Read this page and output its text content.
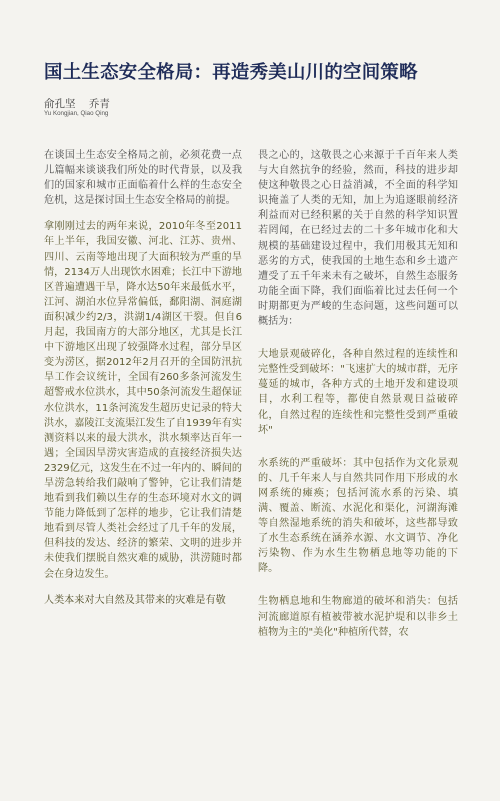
国土生态安全格局：再造秀美山川的空间策略
俞孔坚    乔青
Yu Kongjian, Qiao Qing

在谈国土生态安全格局之前，必须花费一点儿篇幅来谈谈我们所处的时代背景，以及我们的国家和城市正面临着什么样的生态安全危机，这是探讨国土生态安全格局的前提。

拿刚刚过去的两年来说，2010年冬至2011年上半年，我国安徽、河北、江苏、贵州、四川、云南等地出现了大面积较为严重的旱情，2134万人出现饮水困难；长江中下游地区普遍遭遇干旱，降水达50年来最低水平，江河、湖泊水位异常偏低，鄱阳湖、洞庭湖面积减少约2/3，洪湖1/4湖区干裂。但自6月起，我国南方的大部分地区，尤其是长江中下游地区出现了较强降水过程，部分旱区变为涝区，据2012年2月召开的全国防汛抗旱工作会议统计，全国有260多条河流发生超警戒水位洪水，其中50条河流发生超保证水位洪水，11条河流发生超历史记录的特大洪水，嘉陵江支流渠江发生了自1939年有实测资料以来的最大洪水，洪水频率达百年一遇；全国因旱涝灾害造成的直接经济损失达2329亿元，这发生在不过一年内的、瞬间的旱涝急转给我们敲响了警钟，它让我们清楚地看到我们赖以生存的生态环境对水文的调节能力降低到了怎样的地步，它让我们清楚地看到尽管人类社会经过了几千年的发展，但科技的发达、经济的繁荣、文明的进步并未使我们摆脱自然灾难的威胁，洪涝随时都会在身边发生。

人类本来对大自然及其带来的灾难是有敬

畏之心的，这敬畏之心来源于千百年来人类与大自然抗争的经验，然而，科技的进步却使这种敬畏之心日益消减，不全面的科学知识掩盖了人类的无知，加上为追逐眼前经济利益而对已经积累的关于自然的科学知识置若罔闻，在已经过去的二十多年城市化和大规模的基础建设过程中，我们用极其无知和恶劣的方式，使我国的土地生态和乡土遗产遭受了五千年来未有之破坏，自然生态服务功能全面下降，我们面临着比过去任何一个时期都更为严峻的生态问题，这些问题可以概括为：

大地景观破碎化，各种自然过程的连续性和完整性受到破坏："飞速扩大的城市群，无序蔓延的城市，各种方式的土地开发和建设项目，水利工程等，都使自然景观日益破碎化，自然过程的连续性和完整性受到严重破坏"

水系统的严重破坏：其中包括作为文化景观的、几千年来人与自然共同作用下形成的水网系统的瘫痪；包括河流水系的污染、填满、覆盖、断流、水泥化和渠化，河湖海滩等自然湿地系统的消失和破坏，这些都导致了水生态系统在涵养水源、水文调节、净化污染物、作为水生生物栖息地等功能的下降。

生物栖息地和生物廊道的破坏和消失：包括河流廊道原有植被带被水泥护堤和以非乡土植物为主的"美化"种植所代替，农
